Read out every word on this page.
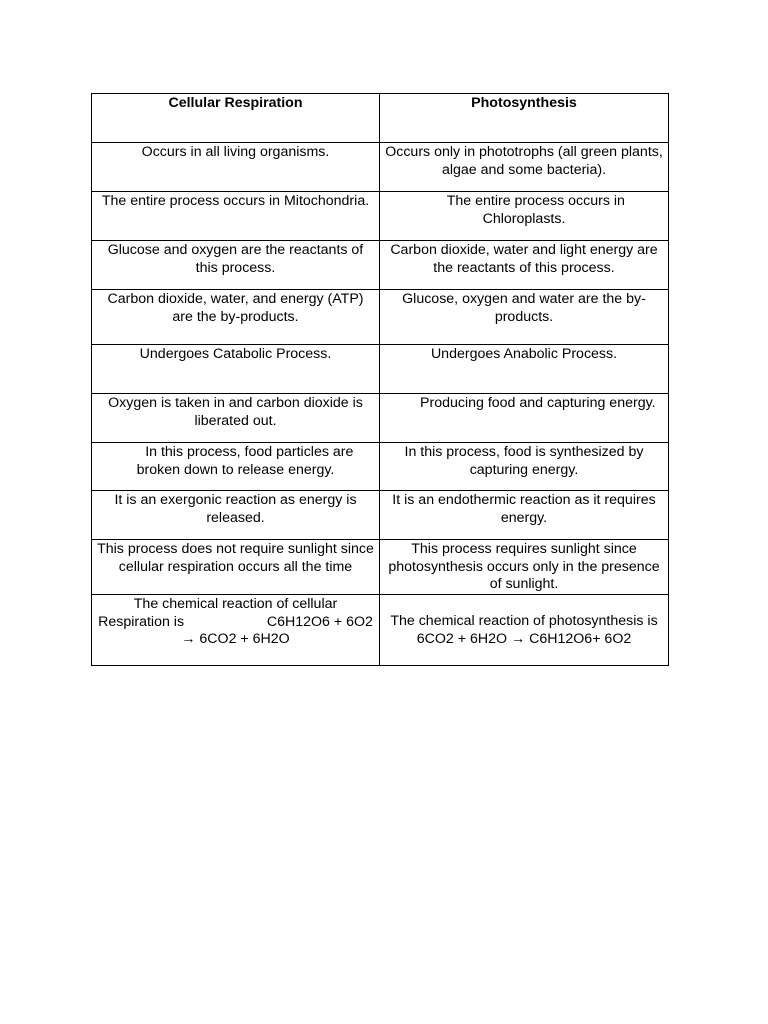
Cellular Respiration	Photosynthesis

Occurs in all living organisms.	Occurs only in phototrophs (all green plants, algae and some bacteria).

The entire process occurs in Mitochondria.	The entire process occurs in Chloroplasts.

Glucose and oxygen are the reactants of this process.	Carbon dioxide, water and light energy are the reactants of this process.

Carbon dioxide, water, and energy (ATP) are the by-products.	Glucose, oxygen and water are the by-products.

Undergoes Catabolic Process.	Undergoes Anabolic Process.

Oxygen is taken in and carbon dioxide is liberated out.	Producing food and capturing energy.

In this process, food particles are broken down to release energy.	In this process, food is synthesized by capturing energy.

It is an exergonic reaction as energy is released.	It is an endothermic reaction as it requires energy.

This process does not require sunlight since cellular respiration occurs all the time	This process requires sunlight since photosynthesis occurs only in the presence of sunlight.

The chemical reaction of cellular Respiration is                     C6H12O6 + 6O2 → 6CO2 + 6H2O	The chemical reaction of photosynthesis is                6CO2 + 6H2O → C6H12O6+ 6O2
